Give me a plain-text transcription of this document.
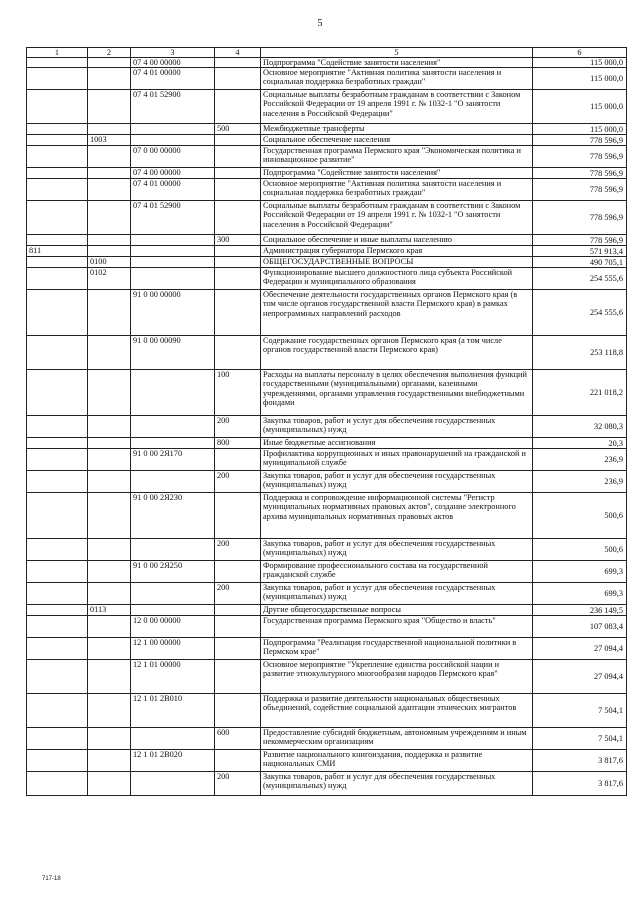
5
1	2	3	4	5	6
		07 4 00 00000		Подпрограмма "Содействие занятости населения"	115 000,0
		07 4 01 00000		Основное мероприятие "Активная политика занятости населения и социальная поддержка безработных граждан"	115 000,0
		07 4 01 52900		Социальные выплаты безработным гражданам в соответствии с Законом Российской Федерации от 19 апреля 1991 г. № 1032-1 "О занятости населения в Российской Федерации"	115 000,0
			500	Межбюджетные трансферты	115 000,0
	1003			Социальное обеспечение населения	778 596,9
		07 0 00 00000		Государственная программа Пермского края "Экономическая политика и инновационное развитие"	778 596,9
		07 4 00 00000		Подпрограмма "Содействие занятости населения"	778 596,9
		07 4 01 00000		Основное мероприятие "Активная политика занятости населения и социальная поддержка безработных граждан"	778 596,9
		07 4 01 52900		Социальные выплаты безработным гражданам в соответствии с Законом Российской Федерации от 19 апреля 1991 г. № 1032-1 "О занятости населения в Российской Федерации"	778 596,9
			300	Социальное обеспечение и иные выплаты населению	778 596,9
811				Администрация губернатора Пермского края	571 913,4
	0100			ОБЩЕГОСУДАРСТВЕННЫЕ ВОПРОСЫ	490 705,1
	0102			Функционирование высшего должностного лица субъекта Российской Федерации и муниципального образования	254 555,6
		91 0 00 00000		Обеспечение деятельности государственных органов Пермского края (в том числе органов государственной власти Пермского края) в рамках непрограммных направлений расходов	254 555,6
		91 0 00 00090		Содержание государственных органов Пермского края (а том числе органов государственной власти Пермского края)	253 118,8
			100	Расходы на выплаты персоналу в целях обеспечения выполнения функций государственными (муниципальными) органами, казенными учреждениями, органами управления государственными внебюджетными фондами	221 018,2
			200	Закупка товаров, работ и услуг для обеспечения государственных (муниципальных) нужд	32 080,3
			800	Иные бюджетные ассигнования	20,3
		91 0 00 2Я170		Профилактика коррупционных и иных правонарушений на гражданской и муниципальной службе	236,9
			200	Закупка товаров, работ и услуг для обеспечения государственных (муниципальных) нужд	236,9
		91 0 00 2Я230		Поддержка и сопровождение информационной системы "Регистр муниципальных нормативных правовых актов", создание электронного архива муниципальных нормативных правовых актов	500,6
			200	Закупка товаров, работ и услуг для обеспечения государственных (муниципальных) нужд	500,6
		91 0 00 2Я250		Формирование профессионального состава на государственной гражданской службе	699,3
			200	Закупка товаров, работ и услуг для обеспечения государственных (муниципальных) нужд	699,3
	0113			Другие общегосударственные вопросы	236 149,5
		12 0 00 00000		Государственная программа Пермского края "Общество и власть"	107 083,4
		12 1 00 00000		Подпрограмма "Реализация государственной национальной политики в Пермском крае"	27 094,4
		12 1 01 00000		Основное мероприятие "Укрепление единства российской нации и развитие этнокультурного многообразия народов Пермского края"	27 094,4
		12 1 01 2В010		Поддержка и развитие деятельности национальных общественных объединений, содействие социальной адаптации этнических мигрантов	7 504,1
			600	Предоставление субсидий бюджетным, автономным учреждениям и иным некоммерческим организациям	7 504,1
		12 1 01 2В020		Развитие национального книгоиздания, поддержка и развитие национальных СМИ	3 817,6
			200	Закупка товаров, работ и услуг для обеспечения государственных (муниципальных) нужд	3 817,6
717-18
